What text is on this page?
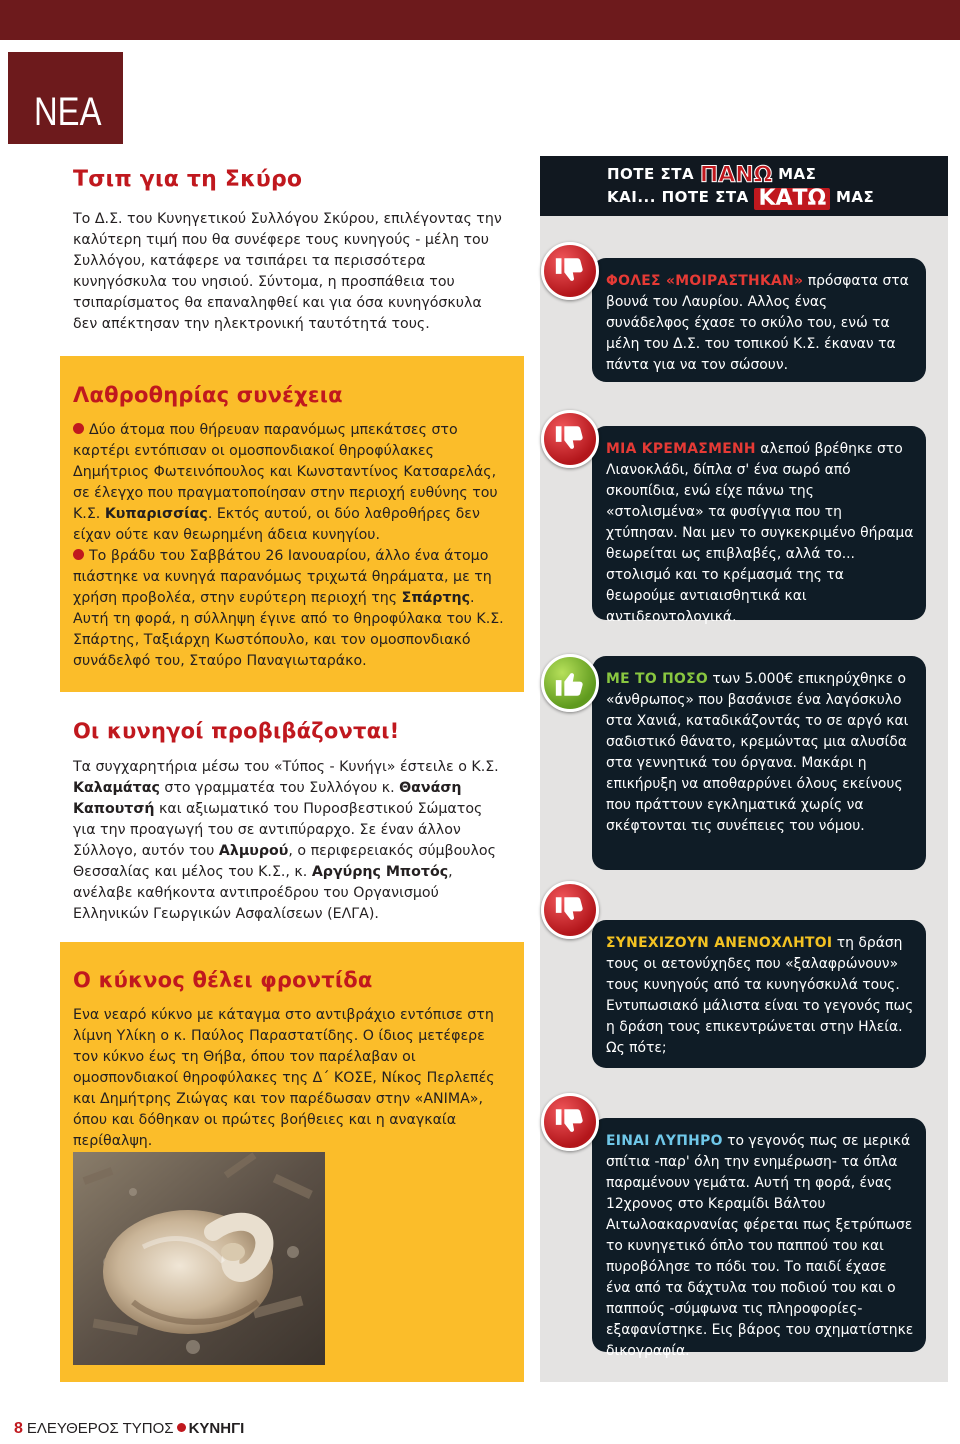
ΝΕΑ
Τσιπ για τη Σκύρο
Το Δ.Σ. του Κυνηγετικού Συλλόγου Σκύρου, επιλέγοντας την καλύτερη τιμή που θα συνέφερε τους κυνηγούς - μέλη του Συλλόγου, κατάφερε να τσιπάρει τα περισσότερα κυνηγόσκυλα του νησιού. Σύντομα, η προσπάθεια του τσιπαρίσματος θα επαναληφθεί και για όσα κυνηγόσκυλα δεν απέκτησαν την ηλεκτρονική ταυτότητά τους.
Λαθροθηρίας συνέχεια
Δύο άτομα που θήρευαν παρανόμως μπεκάτσες στο καρτέρι εντόπισαν οι ομοσπονδιακοί θηροφύλακες Δημήτριος Φωτεινόπουλος και Κωνσταντίνος Κατσαρελάς, σε έλεγχο που πραγματοποίησαν στην περιοχή ευθύνης του Κ.Σ. Κυπαρισσίας. Εκτός αυτού, οι δύο λαθροθήρες δεν είχαν ούτε καν θεωρημένη άδεια κυνηγίου.
Το βράδυ του Σαββάτου 26 Ιανουαρίου, άλλο ένα άτομο πιάστηκε να κυνηγά παρανόμως τριχωτά θηράματα, με τη χρήση προβολέα, στην ευρύτερη περιοχή της Σπάρτης. Αυτή τη φορά, η σύλληψη έγινε από το θηροφύλακα του Κ.Σ. Σπάρτης, Ταξιάρχη Κωστόπουλο, και τον ομοσπονδιακό συνάδελφό του, Σταύρο Παναγιωταράκο.
Οι κυνηγοί προβιβάζονται!
Τα συγχαρητήρια μέσω του «Τύπος - Κυνήγι» έστειλε ο Κ.Σ. Καλαμάτας στο γραμματέα του Συλλόγου κ. Θανάση Καπουτσή και αξιωματικό του Πυροσβεστικού Σώματος για την προαγωγή του σε αντιπύραρχο. Σε έναν άλλον Σύλλογο, αυτόν του Αλμυρού, ο περιφερειακός σύμβουλος Θεσσαλίας και μέλος του Κ.Σ., κ. Αργύρης Μποτός, ανέλαβε καθήκοντα αντιπροέδρου του Οργανισμού Ελληνικών Γεωργικών Ασφαλίσεων (ΕΛΓΑ).
Ο κύκνος θέλει φροντίδα
Ενα νεαρό κύκνο με κάταγμα στο αντιβράχιο εντόπισε στη λίμνη Υλίκη ο κ. Παύλος Παραστατίδης. Ο ίδιος μετέφερε τον κύκνο έως τη Θήβα, όπου τον παρέλαβαν οι ομοσπονδιακοί θηροφύλακες της Δ΄ ΚΟΣΕ, Νίκος Περλεπές και Δημήτρης Ζιώγας και τον παρέδωσαν στην «ΑΝΙΜΑ», όπου και δόθηκαν οι πρώτες βοήθειες και η αναγκαία περίθαλψη.
ΠΟΤΕ ΣΤΑ ΠΑΝΩ ΜΑΣ
ΚΑΙ... ΠΟΤΕ ΣΤΑ ΚΑΤΩ ΜΑΣ
ΦΟΛΕΣ «ΜΟΙΡΑΣΤΗΚΑΝ» πρόσφατα στα βουνά του Λαυρίου. Αλλος ένας συνάδελφος έχασε το σκύλο του, ενώ τα μέλη του Δ.Σ. του τοπικού Κ.Σ. έκαναν τα πάντα για να τον σώσουν.
ΜΙΑ ΚΡΕΜΑΣΜΕΝΗ αλεπού βρέθηκε στο Λιανοκλάδι, δίπλα σ' ένα σωρό από σκουπίδια, ενώ είχε πάνω της «στολισμένα» τα φυσίγγια που τη χτύπησαν. Ναι μεν το συγκεκριμένο θήραμα θεωρείται ως επιβλαβές, αλλά το... στολισμό και το κρέμασμά της τα θεωρούμε αντιαισθητικά και αντιδεοντολογικά.
ΜΕ ΤΟ ΠΟΣΟ των 5.000€ επικηρύχθηκε ο «άνθρωπος» που βασάνισε ένα λαγόσκυλο στα Χανιά, καταδικάζοντάς το σε αργό και σαδιστικό θάνατο, κρεμώντας μια αλυσίδα στα γεννητικά του όργανα. Μακάρι η επικήρυξη να αποθαρρύνει όλους εκείνους που πράττουν εγκληματικά χωρίς να σκέφτονται τις συνέπειες του νόμου.
ΣΥΝΕΧΙΖΟΥΝ ΑΝΕΝΟΧΛΗΤΟΙ τη δράση τους οι αετονύχηδες που «ξαλαφρώνουν» τους κυνηγούς από τα κυνηγόσκυλά τους. Εντυπωσιακό μάλιστα είναι το γεγονός πως η δράση τους επικεντρώνεται στην Ηλεία. Ως πότε;
ΕΙΝΑΙ ΛΥΠΗΡΟ το γεγονός πως σε μερικά σπίτια -παρ' όλη την ενημέρωση- τα όπλα παραμένουν γεμάτα. Αυτή τη φορά, ένας 12χρονος στο Κεραμίδι Βάλτου Αιτωλοακαρνανίας φέρεται πως ξετρύπωσε το κυνηγετικό όπλο του παππού του και πυροβόλησε το πόδι του. Το παιδί έχασε ένα από τα δάχτυλα του ποδιού του και ο παππούς -σύμφωνα τις πληροφορίες- εξαφανίστηκε. Εις βάρος του σχηματίστηκε δικογραφία.
8 ΕΛΕΥΘΕΡΟΣ ΤΥΠΟΣ ΚΥΝΗΓΙ
